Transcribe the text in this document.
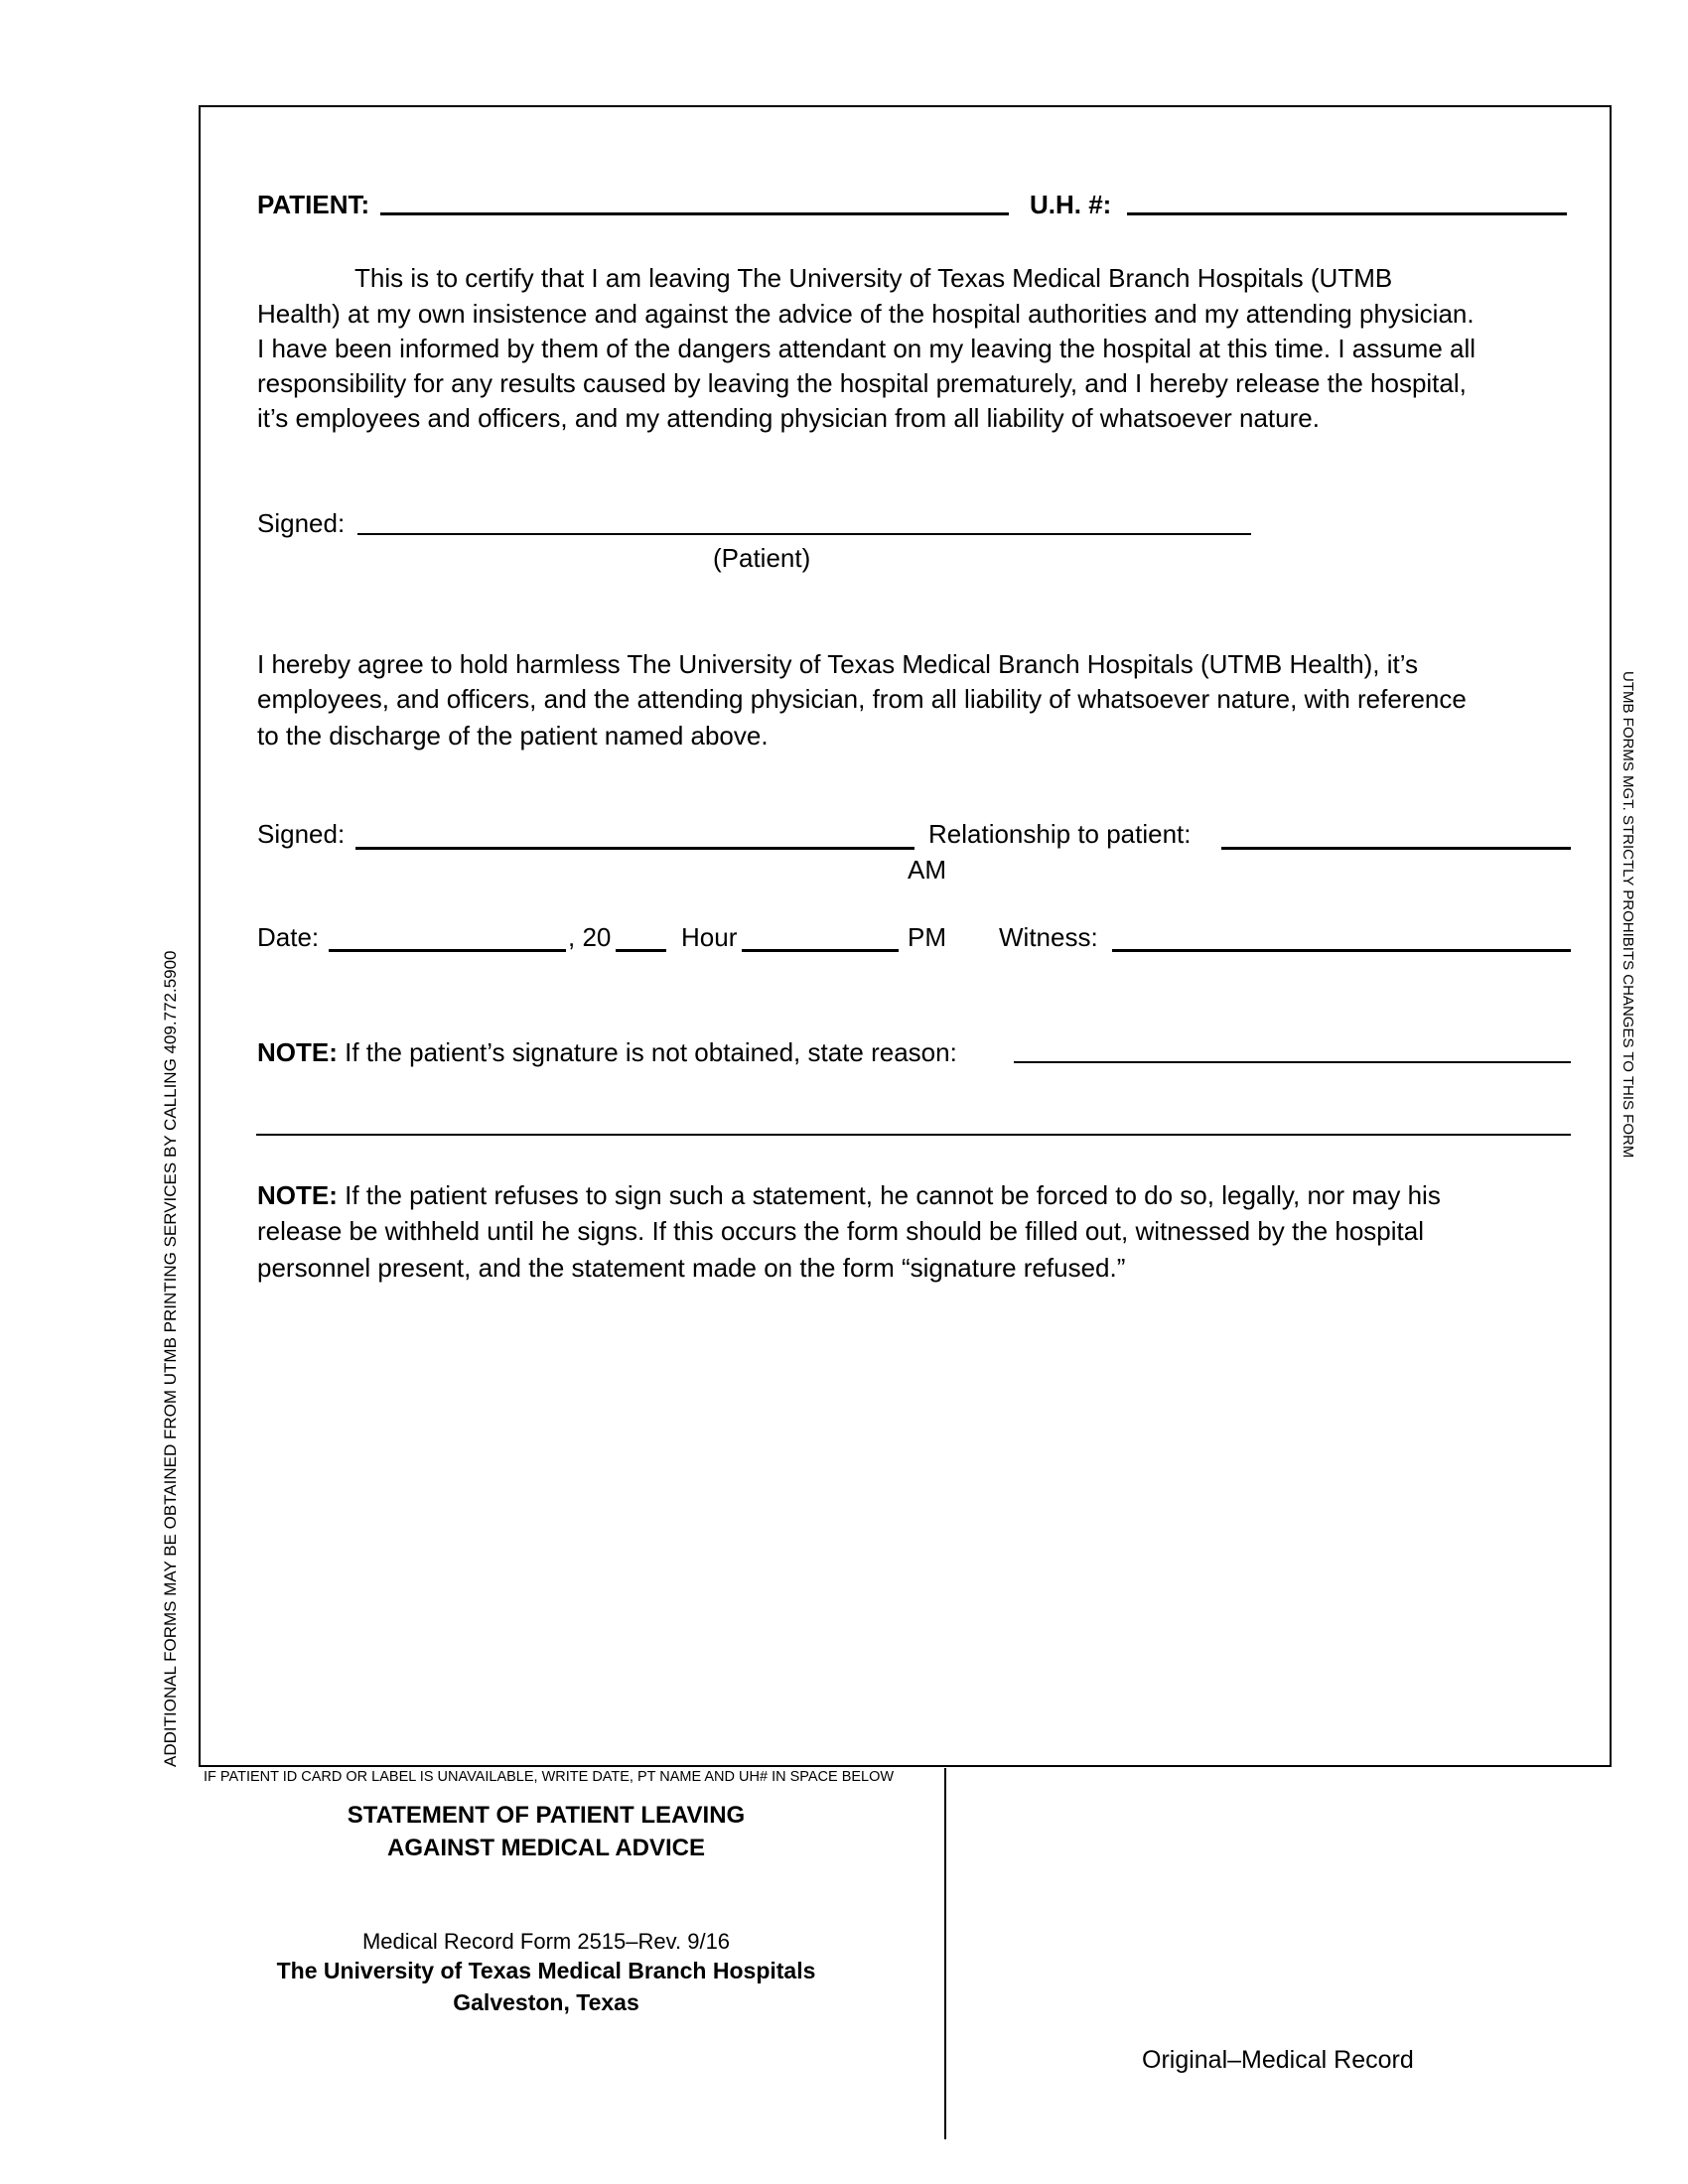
ADDITIONAL FORMS MAY BE OBTAINED FROM UTMB PRINTING SERVICES BY CALLING 409.772.5900
UTMB FORMS MGT. STRICTLY PROHIBITS CHANGES TO THIS FORM
PATIENT:	U.H. #:
This is to certify that I am leaving The University of Texas Medical Branch Hospitals (UTMB
Health) at my own insistence and against the advice of the hospital authorities and my attending physician.
I have been informed by them of the dangers attendant on my leaving the hospital at this time. I assume all
responsibility for any results caused by leaving the hospital prematurely, and I hereby release the hospital,
it’s employees and officers, and my attending physician from all liability of whatsoever nature.
Signed:
(Patient)
I hereby agree to hold harmless The University of Texas Medical Branch Hospitals (UTMB Health), it’s
employees, and officers, and the attending physician, from all liability of whatsoever nature, with reference
to the discharge of the patient named above.
Signed:	Relationship to patient:
AM
Date:	, 20	Hour	PM Witness:
NOTE: If the patient’s signature is not obtained, state reason:
NOTE: If the patient refuses to sign such a statement, he cannot be forced to do so, legally, nor may his
release be withheld until he signs. If this occurs the form should be filled out, witnessed by the hospital
personnel present, and the statement made on the form “signature refused.”
IF PATIENT ID CARD OR LABEL IS UNAVAILABLE, WRITE DATE, PT NAME AND UH# IN SPACE BELOW
STATEMENT OF PATIENT LEAVING
AGAINST MEDICAL ADVICE
Medical Record Form 2515–Rev. 9/16
The University of Texas Medical Branch Hospitals
Galveston, Texas
Original–Medical Record
